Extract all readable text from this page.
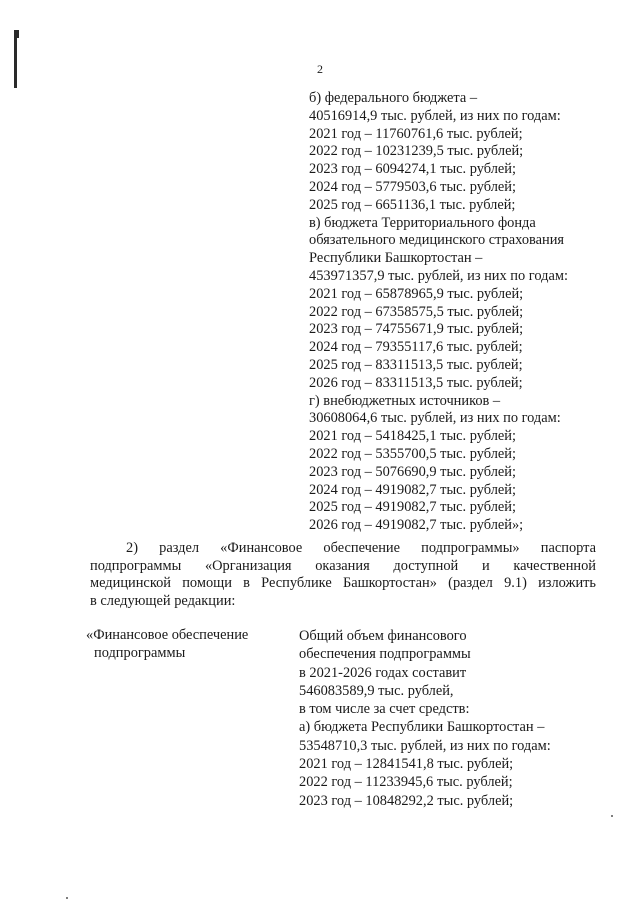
2
б) федерального бюджета –
40516914,9 тыс. рублей, из них по годам:
2021 год – 11760761,6 тыс. рублей;
2022 год – 10231239,5 тыс. рублей;
2023 год – 6094274,1 тыс. рублей;
2024 год – 5779503,6 тыс. рублей;
2025 год – 6651136,1 тыс. рублей;
в) бюджета Территориального фонда
обязательного медицинского страхования
Республики Башкортостан –
453971357,9 тыс. рублей, из них по годам:
2021 год – 65878965,9 тыс. рублей;
2022 год – 67358575,5 тыс. рублей;
2023 год – 74755671,9 тыс. рублей;
2024 год – 79355117,6 тыс. рублей;
2025 год – 83311513,5 тыс. рублей;
2026 год – 83311513,5 тыс. рублей;
г) внебюджетных источников –
30608064,6 тыс. рублей, из них по годам:
2021 год – 5418425,1 тыс. рублей;
2022 год – 5355700,5 тыс. рублей;
2023 год – 5076690,9 тыс. рублей;
2024 год – 4919082,7 тыс. рублей;
2025 год – 4919082,7 тыс. рублей;
2026 год – 4919082,7 тыс. рублей»;
2) раздел «Финансовое обеспечение подпрограммы» паспорта
подпрограммы «Организация оказания доступной и качественной
медицинской помощи в Республике Башкортостан» (раздел 9.1) изложить
в следующей редакции:
«Финансовое обеспечение
подпрограммы
Общий объем финансового
обеспечения подпрограммы
в 2021-2026 годах составит
546083589,9 тыс. рублей,
в том числе за счет средств:
а) бюджета Республики Башкортостан –
53548710,3 тыс. рублей, из них по годам:
2021 год – 12841541,8 тыс. рублей;
2022 год – 11233945,6 тыс. рублей;
2023 год – 10848292,2 тыс. рублей;
